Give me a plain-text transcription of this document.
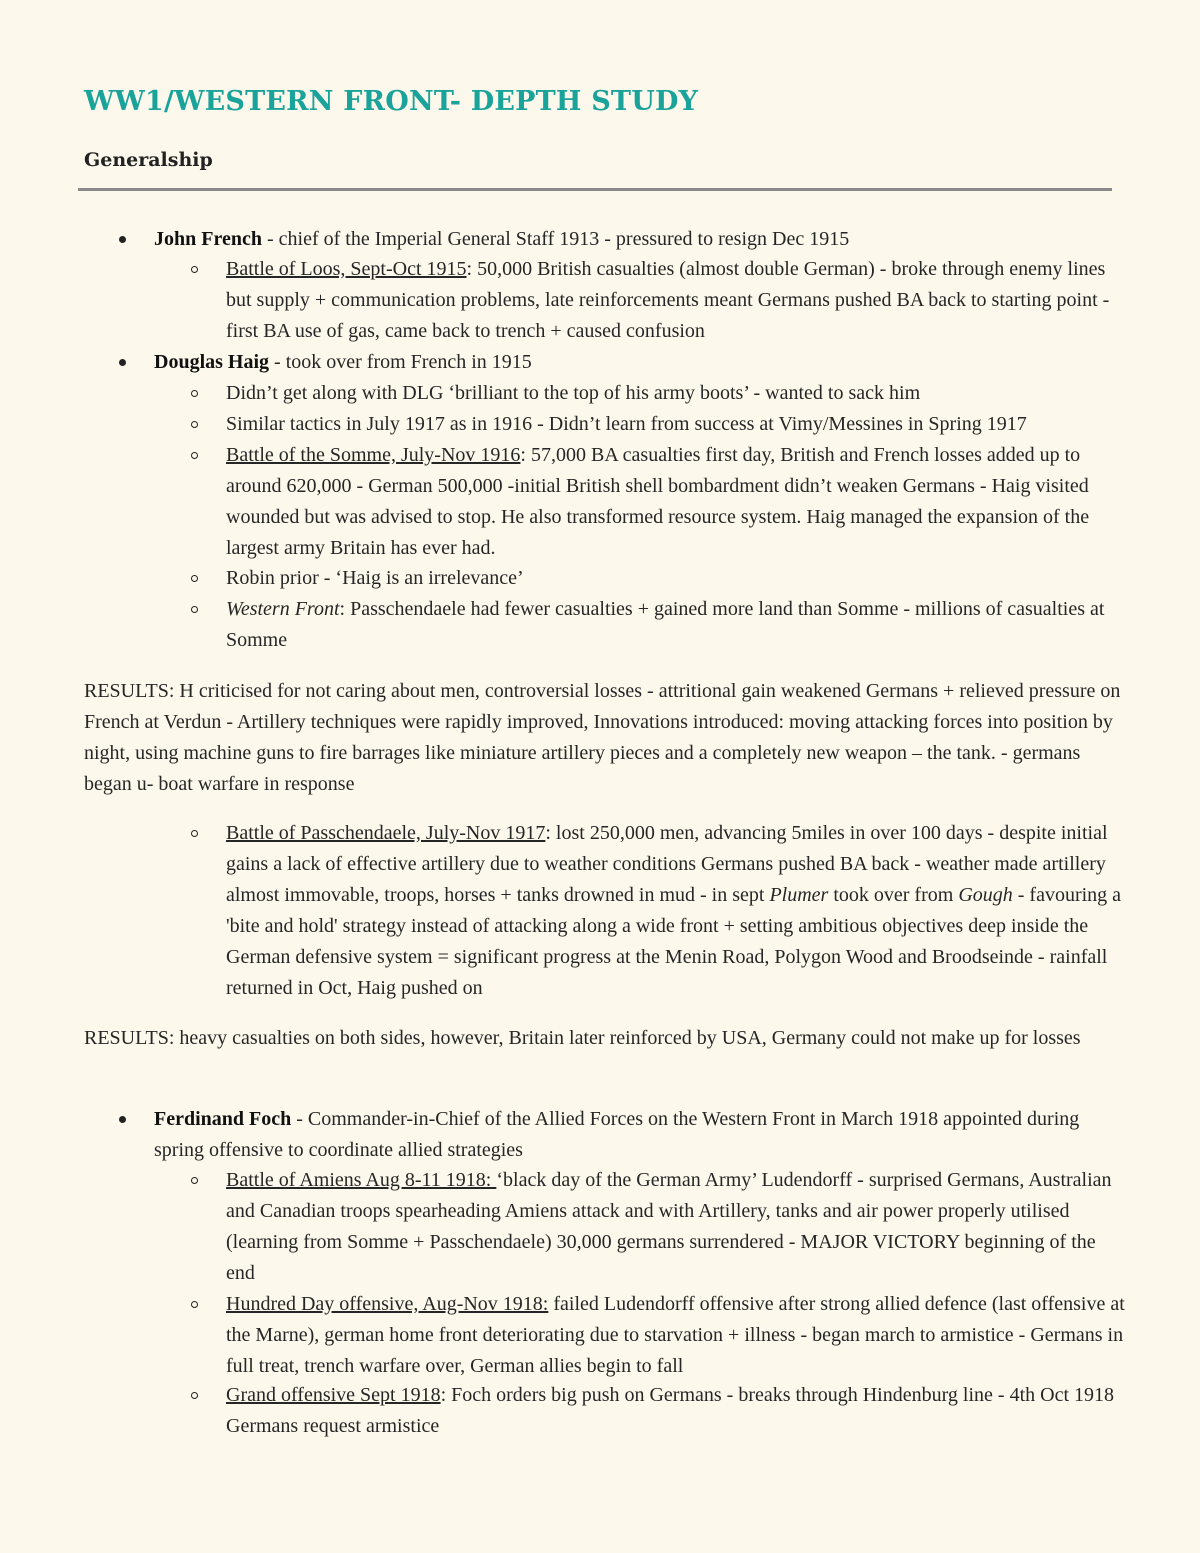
WW1/WESTERN FRONT- DEPTH STUDY
Generalship

John French - chief of the Imperial General Staff 1913 - pressured to resign Dec 1915

Battle of Loos, Sept-Oct 1915: 50,000 British casualties (almost double German) - broke through enemy lines but supply + communication problems, late reinforcements meant Germans pushed BA back to starting point - first BA use of gas, came back to trench + caused confusion

Douglas Haig - took over from French in 1915

Didn’t get along with DLG ‘brilliant to the top of his army boots’ - wanted to sack him

Similar tactics in July 1917 as in 1916 - Didn’t learn from success at Vimy/Messines in Spring 1917

Battle of the Somme, July-Nov 1916: 57,000 BA casualties first day, British and French losses added up to around 620,000 - German 500,000 -initial British shell bombardment didn’t weaken Germans - Haig visited wounded but was advised to stop. He also transformed resource system. Haig managed the expansion of the largest army Britain has ever had.

Robin prior - ‘Haig is an irrelevance’

Western Front: Passchendaele had fewer casualties + gained more land than Somme - millions of casualties at Somme

RESULTS: H criticised for not caring about men, controversial losses - attritional gain weakened Germans + relieved pressure on French at Verdun - Artillery techniques were rapidly improved, Innovations introduced: moving attacking forces into position by night, using machine guns to fire barrages like miniature artillery pieces and a completely new weapon – the tank. - germans began u- boat warfare in response

Battle of Passchendaele, July-Nov 1917: lost 250,000 men, advancing 5miles in over 100 days - despite initial gains a lack of effective artillery due to weather conditions Germans pushed BA back - weather made artillery almost immovable, troops, horses + tanks drowned in mud - in sept Plumer took over from Gough - favouring a 'bite and hold' strategy instead of attacking along a wide front + setting ambitious objectives deep inside the German defensive system = significant progress at the Menin Road, Polygon Wood and Broodseinde - rainfall returned in Oct, Haig pushed on

RESULTS: heavy casualties on both sides, however, Britain later reinforced by USA, Germany could not make up for losses

Ferdinand Foch - Commander-in-Chief of the Allied Forces on the Western Front in March 1918 appointed during spring offensive to coordinate allied strategies

Battle of Amiens Aug 8-11 1918: ‘black day of the German Army’ Ludendorff - surprised Germans, Australian and Canadian troops spearheading Amiens attack and with Artillery, tanks and air power properly utilised (learning from Somme + Passchendaele) 30,000 germans surrendered - MAJOR VICTORY beginning of the end

Hundred Day offensive, Aug-Nov 1918: failed Ludendorff offensive after strong allied defence (last offensive at the Marne), german home front deteriorating due to starvation + illness - began march to armistice - Germans in full treat, trench warfare over, German allies begin to fall

Grand offensive Sept 1918: Foch orders big push on Germans - breaks through Hindenburg line - 4th Oct 1918 Germans request armistice
